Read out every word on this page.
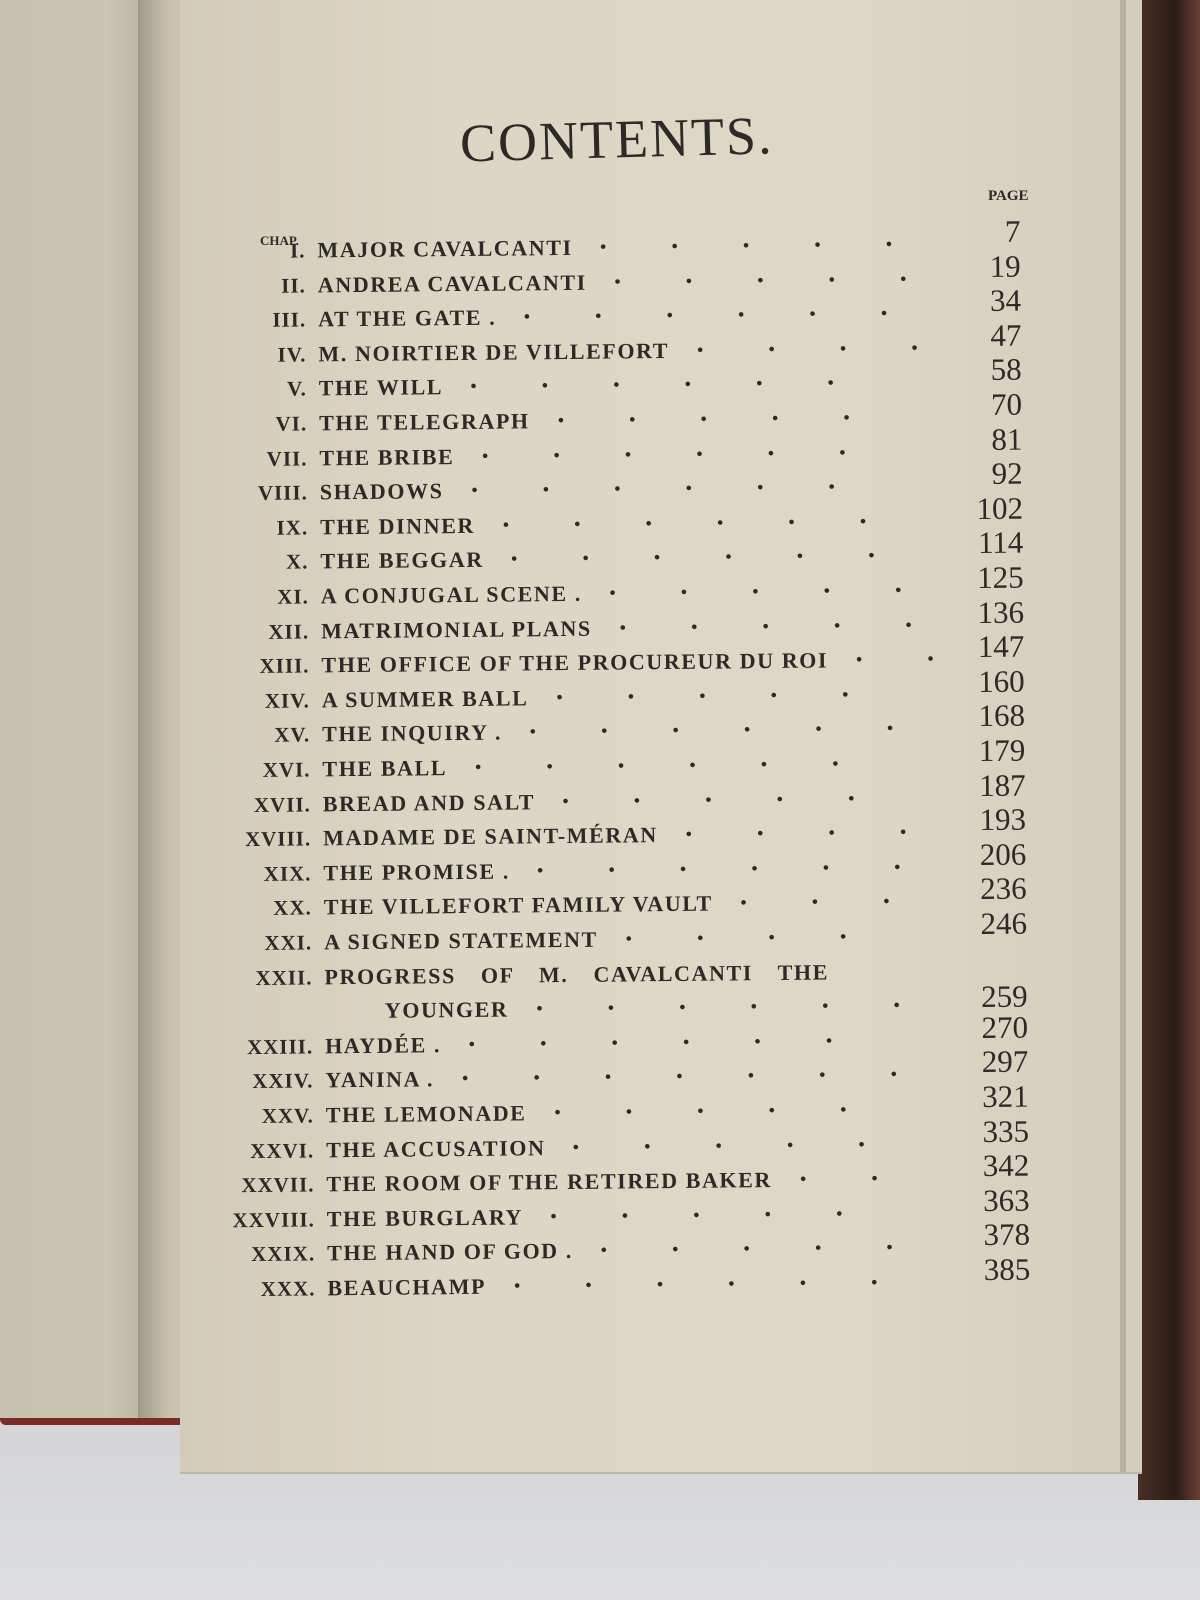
CONTENTS.
CHAP.
PAGE
I. MAJOR CAVALCANTI	7
•••••
II. ANDREA CAVALCANTI	19
•••••
III. AT THE GATE .
34
••••••
IV. M. NOIRTIER DE VILLEFORT	47
••••
V. THE WILL
58
••••••
VI. THE TELEGRAPH	70
•••••
VII. THE BRIBE
81
••••••
VIII. SHADOWS
92
••••••
IX. THE DINNER
102
••••••
X. THE BEGGAR
114
••••••
XI. A CONJUGAL SCENE .	125
•••••
XII. MATRIMONIAL PLANS	136
•••••
XIII. THE OFFICE OF THE PROCUREUR DU ROI	147
••
XIV. A SUMMER BALL	160
•••••
XV. THE INQUIRY .	168
••••••
XVI. THE BALL
179
••••••
XVII. BREAD AND SALT	187
•••••
XVIII. MADAME DE SAINT-MÉRAN	193
••••
XIX. THE PROMISE .	206
••••••
XX. THE VILLEFORT FAMILY VAULT	236
•••
XXI. A SIGNED STATEMENT	246
••••
XXII. PROGRESS OF M. CAVALCANTI THE
YOUNGER	259
••••••
XXIII. HAYDÉE .
270
••••••
XXIV. YANINA .
297
•••••••
XXV. THE LEMONADE	321
•••••
XXVI. THE ACCUSATION	335
•••••
XXVII. THE ROOM OF THE RETIRED BAKER	342
••
XXVIII. THE BURGLARY	363
•••••
XXIX. THE HAND OF GOD .	378
•••••
XXX. BEAUCHAMP
385
••••••
